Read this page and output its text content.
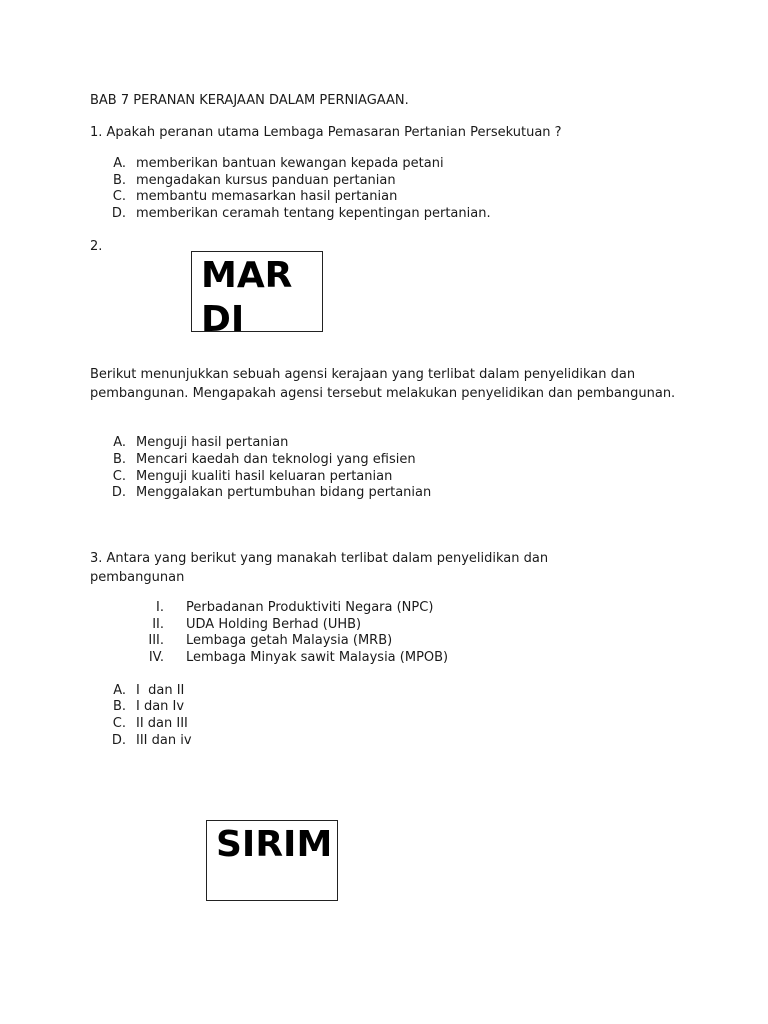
BAB 7 PERANAN KERAJAAN DALAM PERNIAGAAN.
1. Apakah peranan utama Lembaga Pemasaran Pertanian Persekutuan ?
A. memberikan bantuan kewangan kepada petani
B. mengadakan kursus panduan pertanian
C. membantu memasarkan hasil pertanian
D. memberikan ceramah tentang kepentingan pertanian.
2.
MARDI
Berikut menunjukkan sebuah agensi kerajaan yang terlibat dalam penyelidikan dan pembangunan. Mengapakah agensi tersebut melakukan penyelidikan dan pembangunan.
A. Menguji hasil pertanian
B. Mencari kaedah dan teknologi yang efisien
C. Menguji kualiti hasil keluaran pertanian
D. Menggalakan pertumbuhan bidang pertanian
3. Antara yang berikut yang manakah terlibat dalam penyelidikan dan pembangunan
I. Perbadanan Produktiviti Negara (NPC)
II. UDA Holding Berhad (UHB)
III. Lembaga getah Malaysia (MRB)
IV. Lembaga Minyak sawit Malaysia (MPOB)
A. I  dan II
B. I dan Iv
C. II dan III
D. III dan iv
SIRIM
